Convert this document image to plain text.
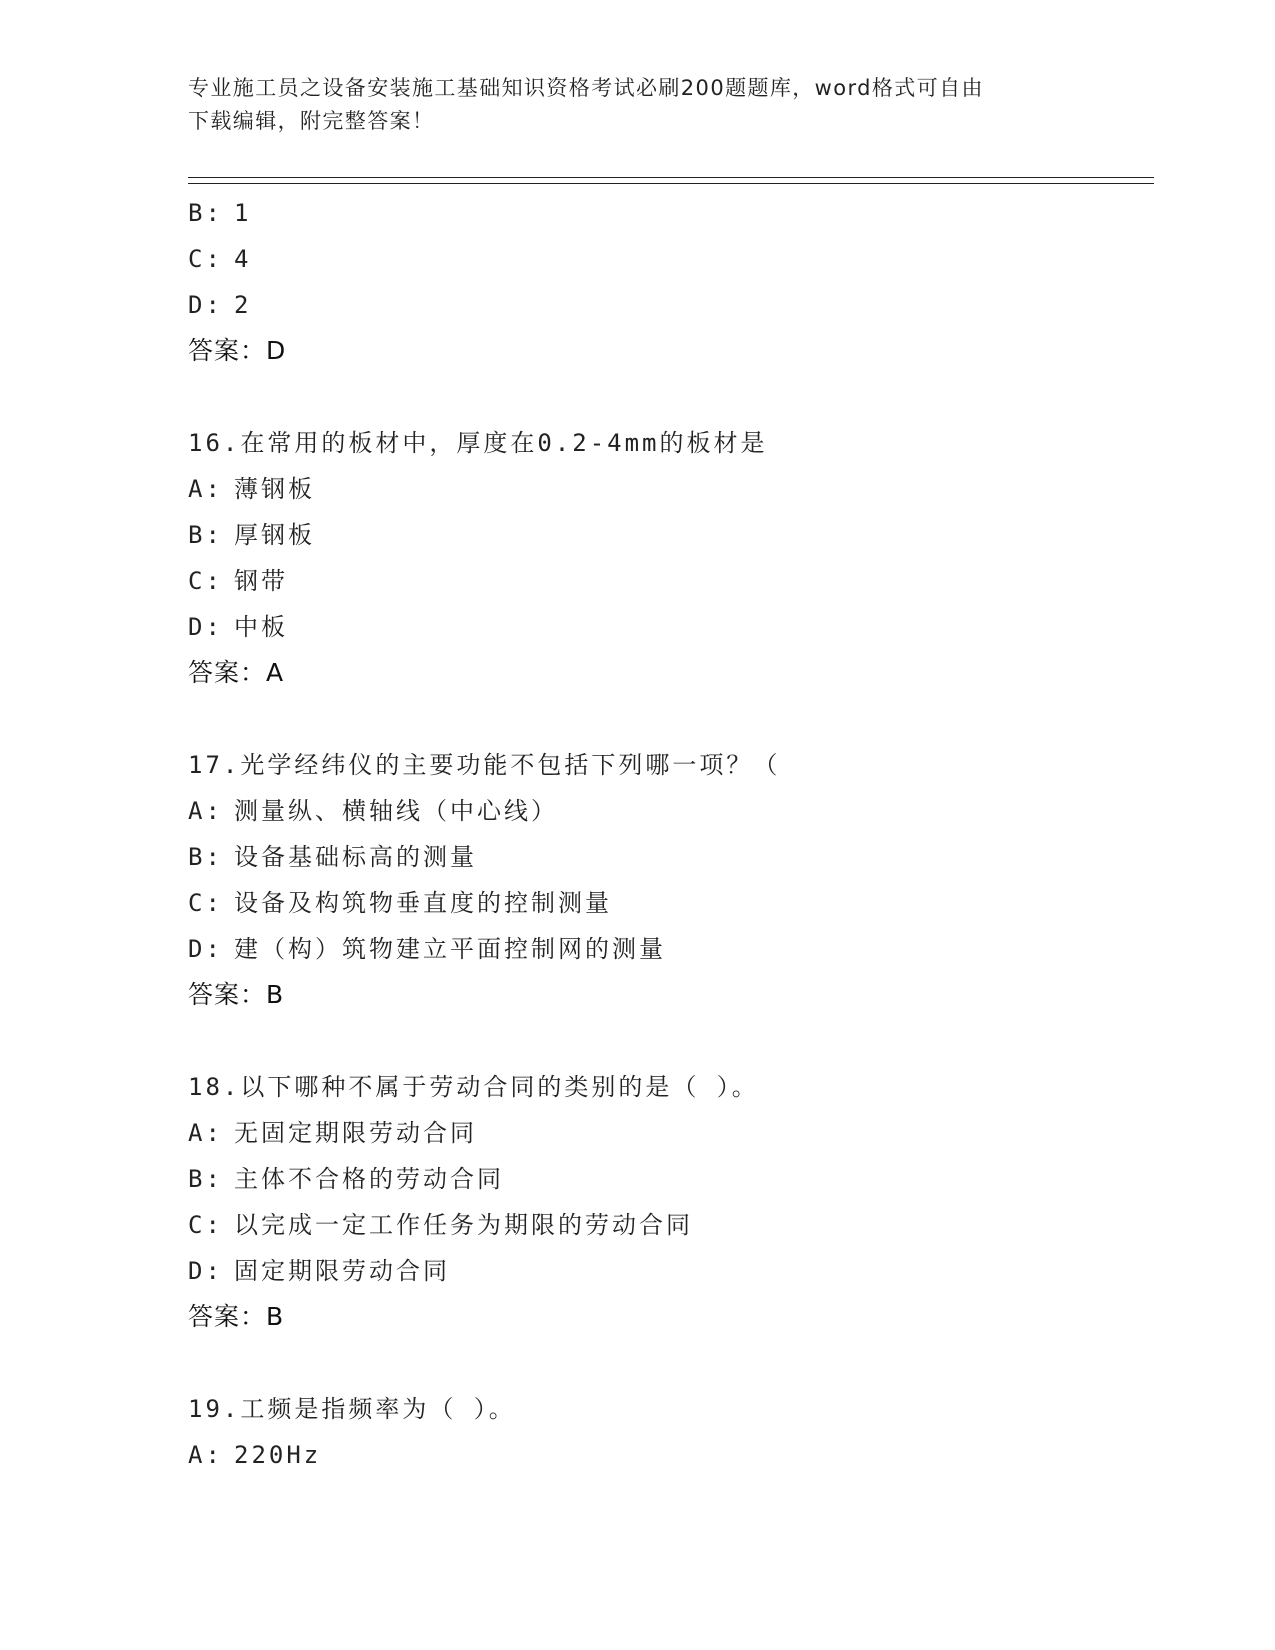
专业施工员之设备安装施工基础知识资格考试必刷200题题库，word格式可自由
下载编辑，附完整答案！
B: 1
C: 4
D: 2
答案：D
16.在常用的板材中，厚度在0.2-4mm的板材是
A: 薄钢板
B: 厚钢板
C: 钢带
D: 中板
答案：A
17.光学经纬仪的主要功能不包括下列哪一项？（
A: 测量纵、横轴线（中心线）
B: 设备基础标高的测量
C: 设备及构筑物垂直度的控制测量
D: 建（构）筑物建立平面控制网的测量
答案：B
18.以下哪种不属于劳动合同的类别的是（ ）。
A: 无固定期限劳动合同
B: 主体不合格的劳动合同
C: 以完成一定工作任务为期限的劳动合同
D: 固定期限劳动合同
答案：B
19.工频是指频率为（ ）。
A: 220Hz
